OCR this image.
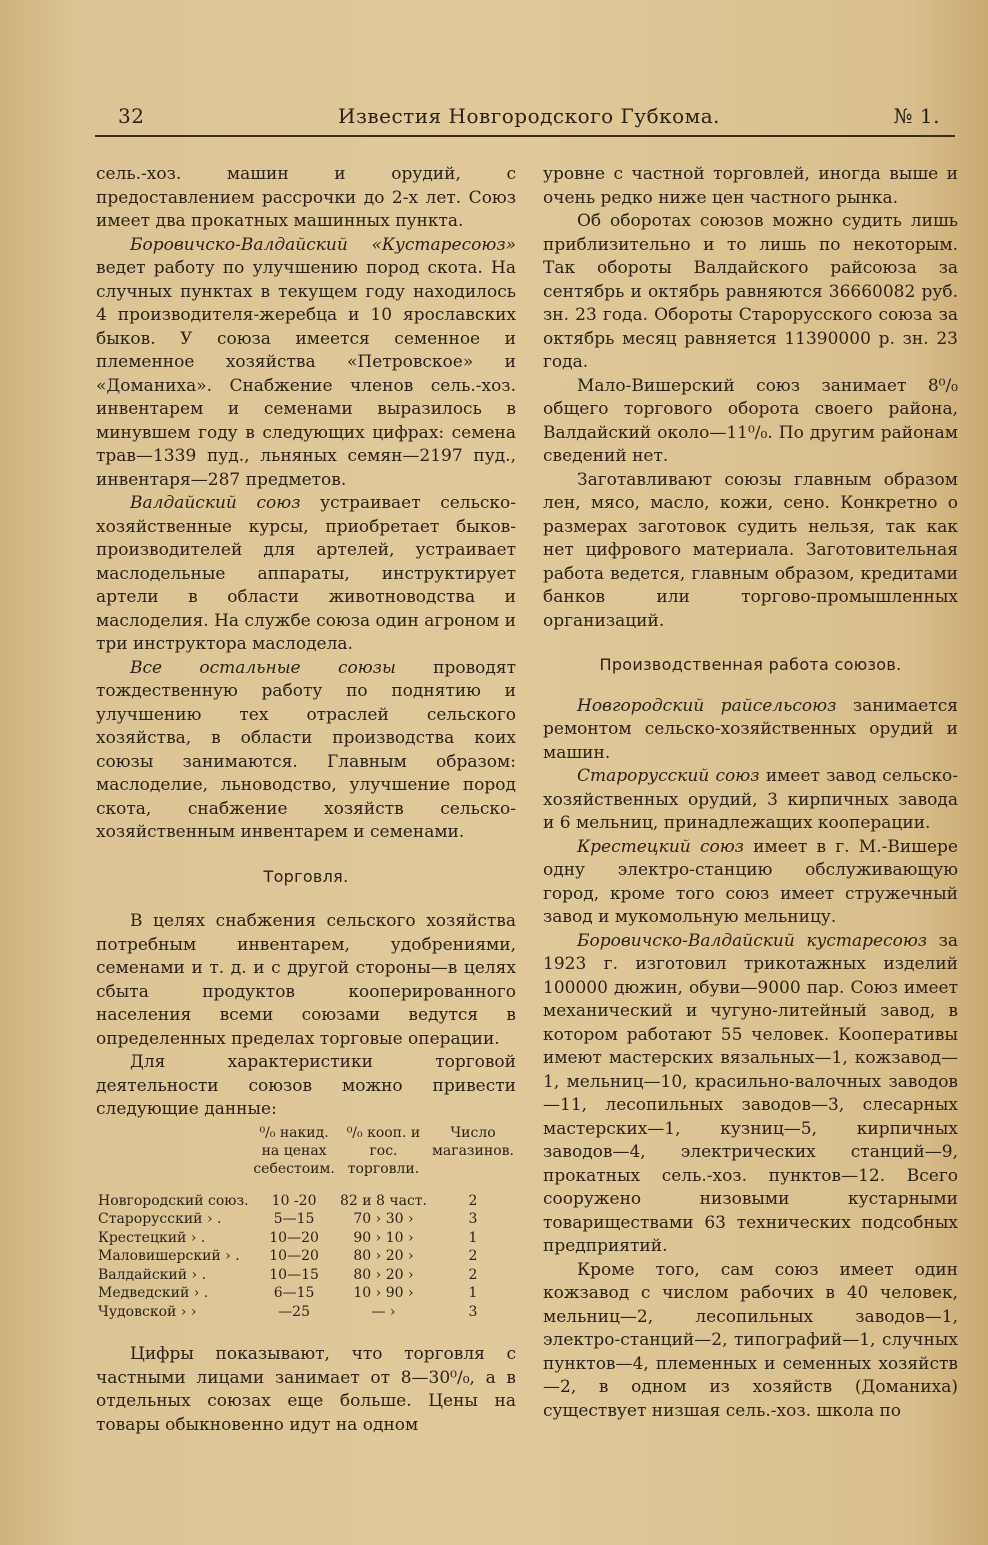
32	Известия Новгородского Губкома.	№ 1.

сель.-хоз. машин и орудий, с предоставлением рассрочки до 2-х лет. Союз имеет два прокатных машинных пункта.

Боровичско-Валдайский «Кустаресоюз» ведет работу по улучшению пород скота. На случных пунктах в текущем году находилось 4 производителя-жеребца и 10 ярославских быков. У союза имеется семенное и племенное хозяйства «Петровское» и «Доманиха». Снабжение членов сель.-хоз. инвентарем и семенами выразилось в минувшем году в следующих цифрах: семена трав—1339 пуд., льняных семян—2197 пуд., инвентаря—287 предметов.

Валдайский союз устраивает сельско-хозяйственные курсы, приобретает быков-производителей для артелей, устраивает маслодельные аппараты, инструктирует артели в области животноводства и маслоделия. На службе союза один агроном и три инструктора маслодела.

Все остальные союзы проводят тождественную работу по поднятию и улучшению тех отраслей сельского хозяйства, в области производства коих союзы занимаются. Главным образом: маслоделие, льноводство, улучшение пород скота, снабжение хозяйств сельско-хозяйственным инвентарем и семенами.

Торговля.

В целях снабжения сельского хозяйства потребным инвентарем, удобрениями, семенами и т. д. и с другой стороны—в целях сбыта продуктов кооперированного населения всеми союзами ведутся в определенных пределах торговые операции.

Для характеристики торговой деятельности союзов можно привести следующие данные:

	⁰/₀ накид. на ценах себестоим.	⁰/₀ кооп. и гос. торговли.	Число магазинов.
Новгородский союз.	10 -20	82 и 8 част.	2
Старорусский › .	5—15	70 › 30 ›	3
Крестецкий › .	10—20	90 › 10 ›	1
Маловишерский › .	10—20	80 › 20 ›	2
Валдайский › .	10—15	80 › 20 ›	2
Медведский › .	6—15	10 › 90 ›	1
Чудовской › ›	—25	— ›	3

Цифры показывают, что торговля с частными лицами занимает от 8—30⁰/₀, а в отдельных союзах еще больше. Цены на товары обыкновенно идут на одном

уровне с частной торговлей, иногда выше и очень редко ниже цен частного рынка.

Об оборотах союзов можно судить лишь приблизительно и то лишь по некоторым. Так обороты Валдайского райсоюза за сентябрь и октябрь равняются 36660082 руб. зн. 23 года. Обороты Старорусского союза за октябрь месяц равняется 11390000 р. зн. 23 года.

Мало-Вишерский союз занимает 8⁰/₀ общего торгового оборота своего района, Валдайский около—11⁰/₀. По другим районам сведений нет.

Заготавливают союзы главным образом лен, мясо, масло, кожи, сено. Конкретно о размерах заготовок судить нельзя, так как нет цифрового материала. Заготовительная работа ведется, главным образом, кредитами банков или торгово-промышленных организаций.

Производственная работа союзов.

Новгородский райсельсоюз занимается ремонтом сельско-хозяйственных орудий и машин.

Старорусский союз имеет завод сельско-хозяйственных орудий, 3 кирпичных завода и 6 мельниц, принадлежащих кооперации.

Крестецкий союз имеет в г. М.-Вишере одну электро-станцию обслуживающую город, кроме того союз имеет стружечный завод и мукомольную мельницу.

Боровичско-Валдайский кустаресоюз за 1923 г. изготовил трикотажных изделий 100000 дюжин, обуви—9000 пар. Союз имеет механический и чугуно-литейный завод, в котором работают 55 человек. Кооперативы имеют мастерских вязальных—1, кожзавод—1, мельниц—10, красильно-валочных заводов—11, лесопильных заводов—3, слесарных мастерских—1, кузниц—5, кирпичных заводов—4, электрических станций—9, прокатных сель.-хоз. пунктов—12. Всего сооружено низовыми кустарными товариществами 63 технических подсобных предприятий.

Кроме того, сам союз имеет один кожзавод с числом рабочих в 40 человек, мельниц—2, лесопильных заводов—1, электро-станций—2, типографий—1, случных пунктов—4, племенных и семенных хозяйств—2, в одном из хозяйств (Доманиха) существует низшая сель.-хоз. школа по
